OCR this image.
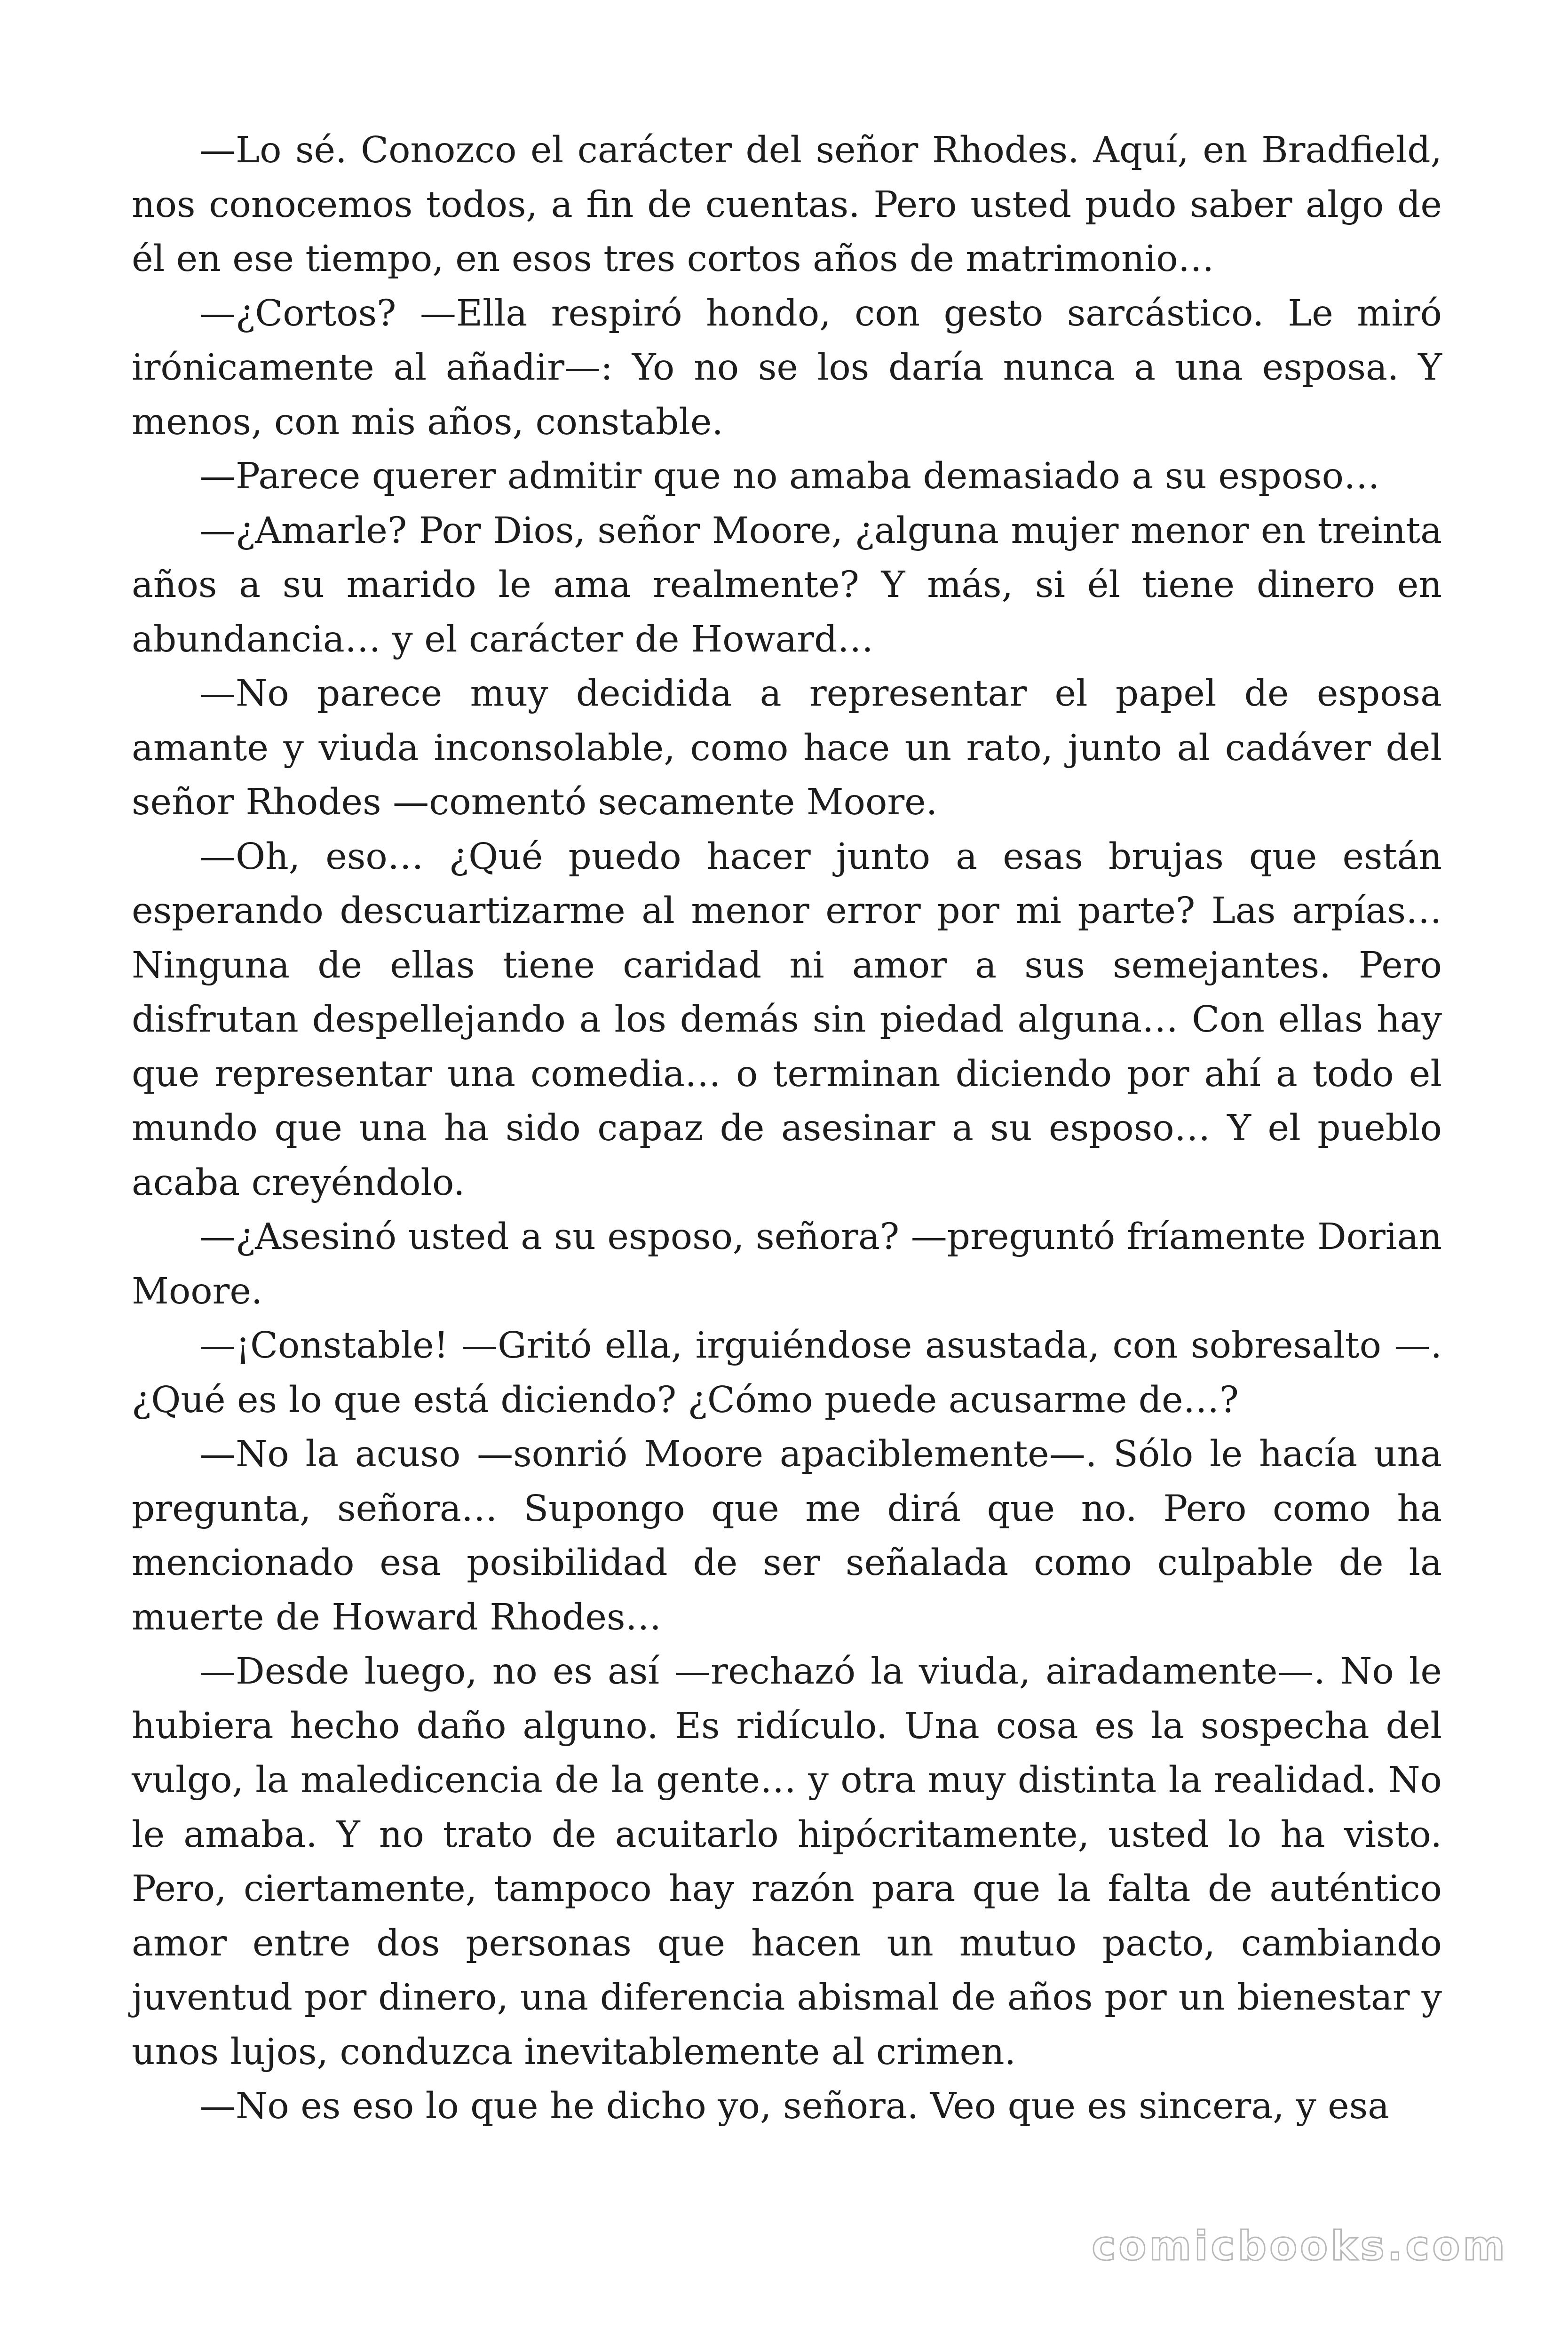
—Lo sé. Conozco el carácter del señor Rhodes. Aquí, en Bradfield, nos conocemos todos, a fin de cuentas. Pero usted pudo saber algo de él en ese tiempo, en esos tres cortos años de matrimonio…

—¿Cortos? —Ella respiró hondo, con gesto sarcástico. Le miró irónicamente al añadir—: Yo no se los daría nunca a una esposa. Y menos, con mis años, constable.

—Parece querer admitir que no amaba demasiado a su esposo…

—¿Amarle? Por Dios, señor Moore, ¿alguna mujer menor en treinta años a su marido le ama realmente? Y más, si él tiene dinero en abundancia… y el carácter de Howard…

—No parece muy decidida a representar el papel de esposa amante y viuda inconsolable, como hace un rato, junto al cadáver del señor Rhodes —comentó secamente Moore.

—Oh, eso… ¿Qué puedo hacer junto a esas brujas que están esperando descuartizarme al menor error por mi parte? Las arpías… Ninguna de ellas tiene caridad ni amor a sus semejantes. Pero disfrutan despellejando a los demás sin piedad alguna… Con ellas hay que representar una comedia… o terminan diciendo por ahí a todo el mundo que una ha sido capaz de asesinar a su esposo… Y el pueblo acaba creyéndolo.

—¿Asesinó usted a su esposo, señora? —preguntó fríamente Dorian Moore.

—¡Constable! —Gritó ella, irguiéndose asustada, con sobresalto —. ¿Qué es lo que está diciendo? ¿Cómo puede acusarme de…?

—No la acuso —sonrió Moore apaciblemente—. Sólo le hacía una pregunta, señora… Supongo que me dirá que no. Pero como ha mencionado esa posibilidad de ser señalada como culpable de la muerte de Howard Rhodes…

—Desde luego, no es así —rechazó la viuda, airadamente—. No le hubiera hecho daño alguno. Es ridículo. Una cosa es la sospecha del vulgo, la maledicencia de la gente… y otra muy distinta la realidad. No le amaba. Y no trato de acuitarlo hipócritamente, usted lo ha visto. Pero, ciertamente, tampoco hay razón para que la falta de auténtico amor entre dos personas que hacen un mutuo pacto, cambiando juventud por dinero, una diferencia abismal de años por un bienestar y unos lujos, conduzca inevitablemente al crimen.

—No es eso lo que he dicho yo, señora. Veo que es sincera, y esa

comicbooks.com
